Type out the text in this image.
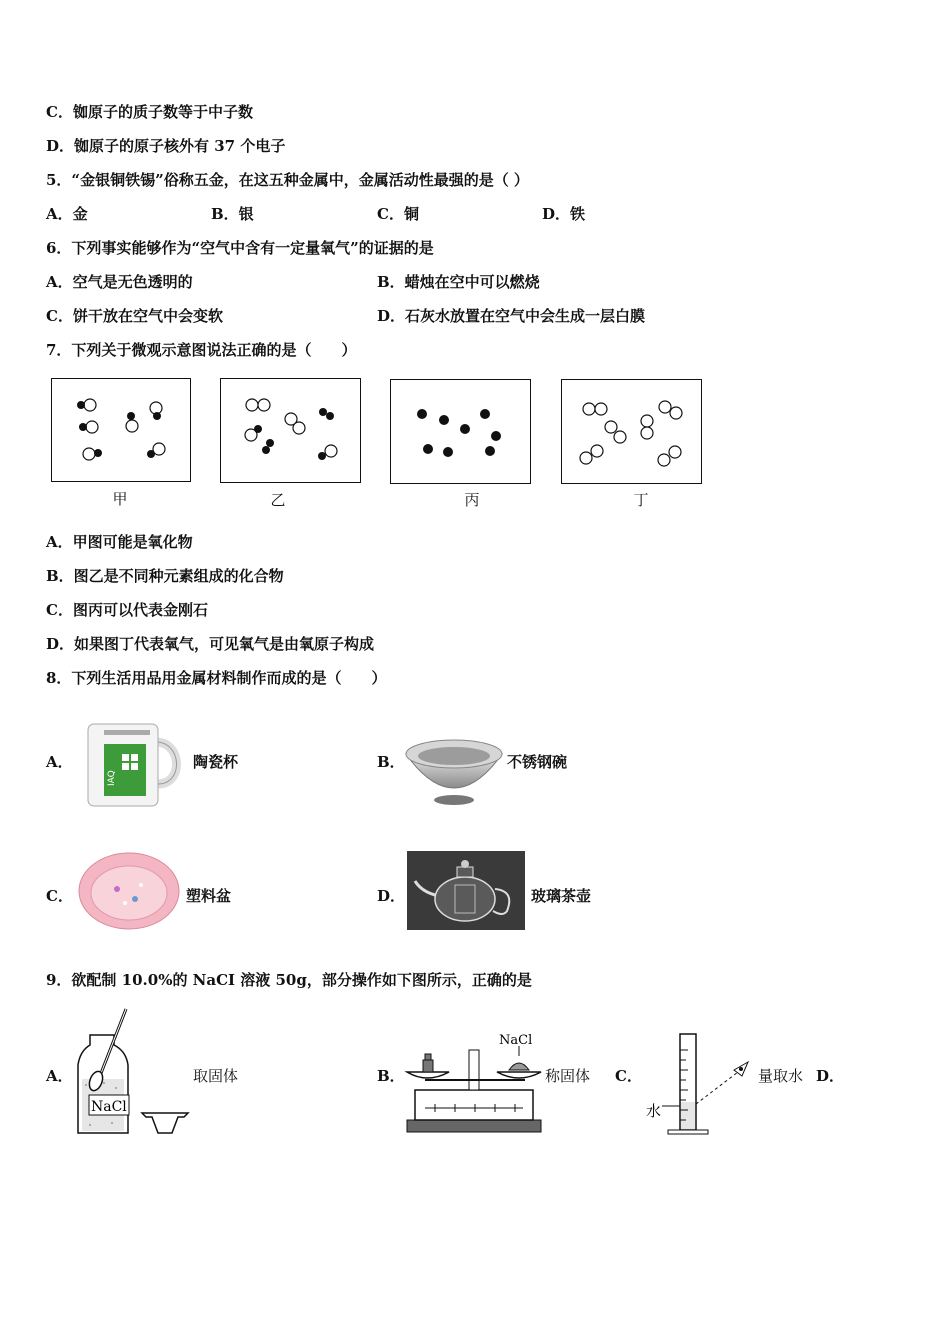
C．铷原子的质子数等于中子数
D．铷原子的原子核外有 37 个电子
5．“金银铜铁锡”俗称五金，在这五种金属中，金属活动性最强的是（ ）
A．金	B．银	C．铜	D．铁
6．下列事实能够作为“空气中含有一定量氧气”的证据的是
A．空气是无色透明的	B．蜡烛在空中可以燃烧
C．饼干放在空气中会变软	D．石灰水放置在空气中会生成一层白膜
7．下列关于微观示意图说法正确的是（　　）
甲	乙	丙	丁
A．甲图可能是氧化物
B．图乙是不同种元素组成的化合物
C．图丙可以代表金刚石
D．如果图丁代表氧气，可见氧气是由氧原子构成
8．下列生活用品用金属材料制作而成的是（　　）
A．
IAQ
陶瓷杯	B．	不锈钢碗
C．	塑料盆	D．	玻璃茶壶
9．欲配制 10.0%的 NaCI 溶液 50g，部分操作如下图所示，正确的是
A．
NaCl
取固体	B．
NaCl
称固体 C．
水
量取水 D．
